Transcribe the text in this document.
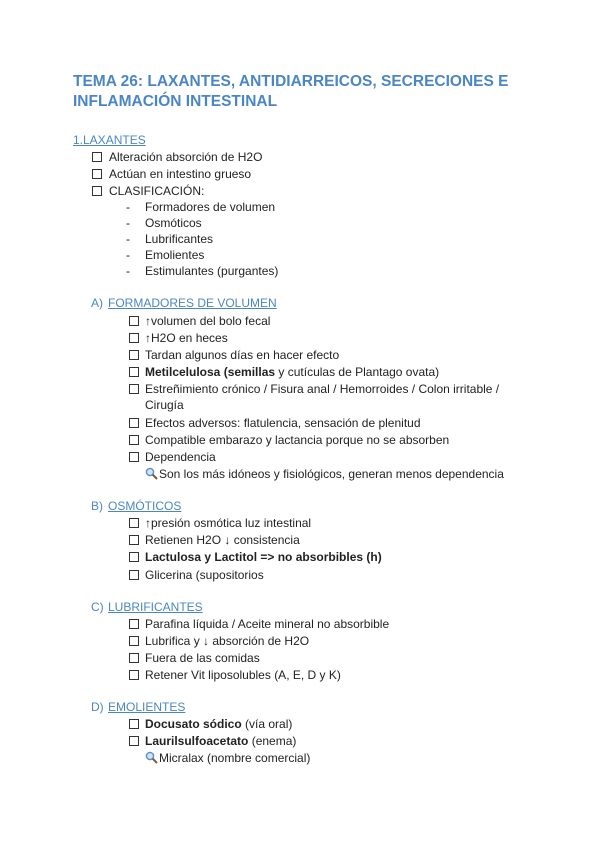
TEMA 26: LAXANTES, ANTIDIARREICOS, SECRECIONES E
INFLAMACIÓN INTESTINAL
1.LAXANTES
Alteración absorción de H2O
Actúan en intestino grueso
CLASIFICACIÓN:
- Formadores de volumen
- Osmóticos
- Lubrificantes
- Emolientes
- Estimulantes (purgantes)
A) FORMADORES DE VOLUMEN
↑volumen del bolo fecal
↑H2O en heces
Tardan algunos días en hacer efecto
Metilcelulosa (semillas y cutículas de Plantago ovata)
Estreñimiento crónico / Fisura anal / Hemorroides / Colon irritable /
Cirugía
Efectos adversos: flatulencia, sensación de plenitud
Compatible embarazo y lactancia porque no se absorben
Dependencia
Son los más idóneos y fisiológicos, generan menos dependencia
B) OSMÓTICOS
↑presión osmótica luz intestinal
Retienen H2O ↓ consistencia
Lactulosa y Lactitol => no absorbibles (h)
Glicerina (supositorios
C) LUBRIFICANTES
Parafina líquida / Aceite mineral no absorbible
Lubrifica y ↓ absorción de H2O
Fuera de las comidas
Retener Vit liposolubles (A, E, D y K)
D) EMOLIENTES
Docusato sódico (vía oral)
Laurilsulfoacetato (enema)
Micralax (nombre comercial)
